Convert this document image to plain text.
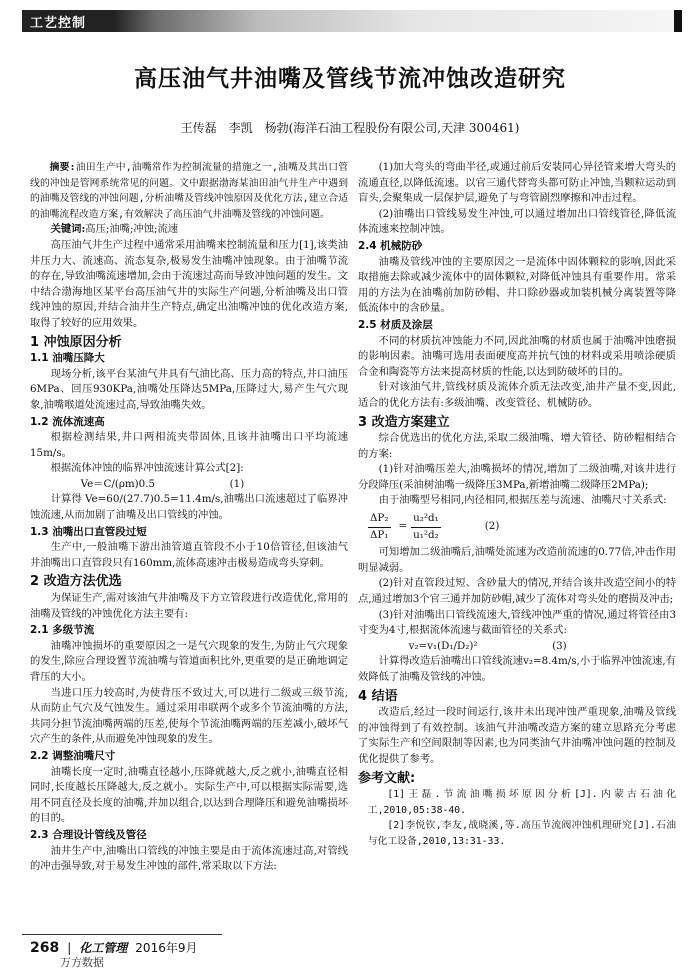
工艺控制
高压油气井油嘴及管线节流冲蚀改造研究
王传磊　李凯　杨勃(海洋石油工程股份有限公司,天津 300461)

摘要:油田生产中,油嘴常作为控制流量的措施之一,油嘴及其出口管线的冲蚀是管网系统常见的问题。文中跟据渤海某油田油气井生产中遇到的油嘴及管线的冲蚀问题,分析油嘴及管线冲蚀原因及优化方法,建立合适的油嘴流程改造方案,有效解决了高压油气井油嘴及管线的冲蚀问题。

关键词:高压;油嘴;冲蚀;流速

高压油气井生产过程中通常采用油嘴来控制流量和压力[1],该类油井压力大、流速高、流态复杂,极易发生油嘴冲蚀现象。由于油嘴节流的存在,导致油嘴流速增加,会由于流速过高而导致冲蚀问题的发生。文中结合渤海地区某平台高压油气井的实际生产问题,分析油嘴及出口管线冲蚀的原因,并结合油井生产特点,确定出油嘴冲蚀的优化改造方案,取得了较好的应用效果。

1 冲蚀原因分析
1.1 油嘴压降大

现场分析,该平台某油气井具有气油比高、压力高的特点,井口油压6MPa、回压930KPa,油嘴处压降达5MPa,压降过大,易产生气穴现象,油嘴喉道处流速过高,导致油嘴失效。

1.2 流体流速高

根据检测结果,井口两相流夹带固体,且该井油嘴出口平均流速15m/s。

根据流体冲蚀的临界冲蚀流速计算公式[2]:

Ve＝C/(ρm)0.5	(1)

计算得 Ve=60/(27.7)0.5=11.4m/s,油嘴出口流速超过了临界冲蚀流速,从而加剧了油嘴及出口管线的冲蚀。

1.3 油嘴出口直管段过短

生产中,一般油嘴下游出油管道直管段不小于10倍管径,但该油气井油嘴出口直管段只有160mm,流体高速冲击极易造成弯头穿刺。

2 改造方法优选

为保证生产,需对该油气井油嘴及下方立管段进行改造优化,常用的油嘴及管线的冲蚀优化方法主要有:

2.1 多级节流

油嘴冲蚀损坏的重要原因之一是气穴现象的发生,为防止气穴现象的发生,除应合理设置节流油嘴与管道面积比外,更重要的是正确地调定背压的大小。

当进口压力较高时,为使背压不致过大,可以进行二级或三级节流,从而防止气穴及气蚀发生。通过采用串联两个或多个节流油嘴的方法,共同分担节流油嘴两端的压差,使每个节流油嘴两端的压差减小,破坏气穴产生的条件,从而避免冲蚀现象的发生。

2.2 调整油嘴尺寸

油嘴长度一定时,油嘴直径越小,压降就越大,反之就小,油嘴直径相同时,长度越长压降越大,反之就小。实际生产中,可以根据实际需要,选用不同直径及长度的油嘴,并加以组合,以达到合理降压和避免油嘴损坏的目的。

2.3 合理设计管线及管径

油井生产中,油嘴出口管线的冲蚀主要是由于流体流速过高,对管线的冲击强导致,对于易发生冲蚀的部件,常采取以下方法:

(1)加大弯头的弯曲半径,或通过前后安装同心异径管来增大弯头的流通直径,以降低流速。以官三通代替弯头都可防止冲蚀,当颗粒运动到盲头,会聚集成一层保护层,避免了与弯管剧烈摩擦和冲击过程。

(2)油嘴出口管线易发生冲蚀,可以通过增加出口管线管径,降低流体流速来控制冲蚀。

2.4 机械防砂

油嘴及管线冲蚀的主要原因之一是流体中固体颗粒的影响,因此采取措施去除或减少流体中的固体颗粒,对降低冲蚀具有重要作用。常采用的方法为在油嘴前加防砂帽、井口除砂器或加装机械分离装置等降低流体中的含砂量。

2.5 材质及涂层

不同的材质抗冲蚀能力不同,因此油嘴的材质也属于油嘴冲蚀磨损的影响因素。油嘴可选用表面硬度高并抗气蚀的材料或采用喷涂硬质合金和陶瓷等方法来提高材质的性能,以达到防破坏的目的。

针对该油气井,管线材质及流体介质无法改变,油井产量不变,因此,适合的优化方法有:多级油嘴、改变管径、机械防砂。

3 改造方案建立

综合优选出的优化方法,采取二级油嘴、增大管径、防砂帽相结合的方案:

(1)针对油嘴压差大,油嘴损坏的情况,增加了二级油嘴,对该井进行分段降压(采油树油嘴一级降压3MPa,新增油嘴二级降压2MPa);

由于油嘴型号相同,内径相同,根据压差与流速、油嘴尺寸关系式:

$\frac{\text{ΔP₂}}{\text{ΔP₁}} = \frac{\text{u₂²d₁}}{\text{u₁²d₂}}$	(2)

可知增加二级油嘴后,油嘴处流速为改造前流速的0.77倍,冲击作用明显减弱。

(2)针对直管段过短、含砂量大的情况,并结合该井改造空间小的特点,通过增加3个官三通并加防砂帽,减少了流体对弯头处的磨损及冲击;

(3)针对油嘴出口管线流速大,管线冲蚀严重的情况,通过将管径由3寸变为4寸,根据流体流速与截面管径的关系式:

v₂=v₁(D₁/D₂)²	(3)

计算得改造后油嘴出口管线流速v₂=8.4m/s,小于临界冲蚀流速,有效降低了油嘴及管线的冲蚀。

4 结语

改造后,经过一段时间运行,该井未出现冲蚀严重现象,油嘴及管线的冲蚀得到了有效控制。该油气井油嘴改造方案的建立思路充分考虑了实际生产和空间限制等因素,也为同类油气井油嘴冲蚀问题的控制及优化提供了参考。

参考文献:

[1]王磊.节流油嘴损坏原因分析[J].内蒙古石油化工,2010,05:38-40.

[2]李悦钦,李友,战晓溪,等.高压节流阀冲蚀机理研究[J].石油与化工设备,2010,13:31-33.

268 | 化工管理 2016年9月
万方数据
